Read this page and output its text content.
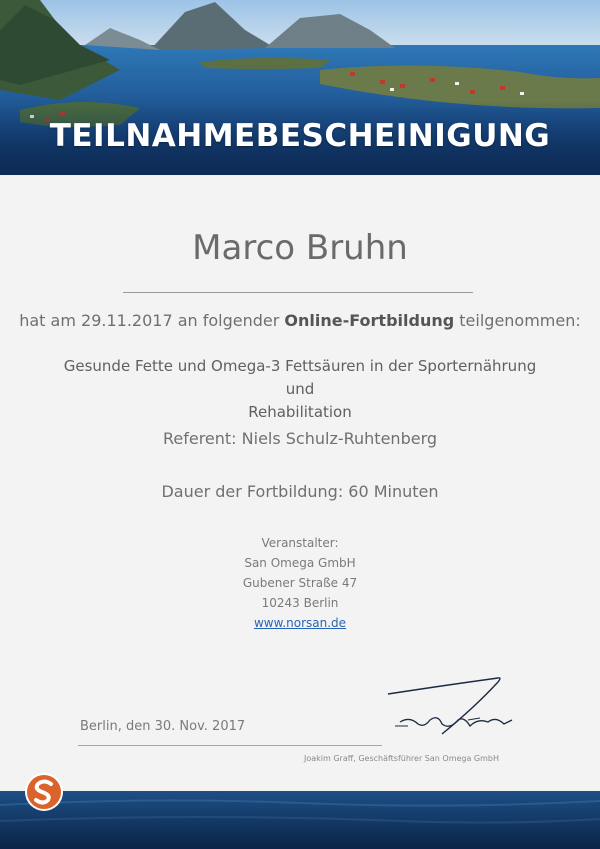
TEILNAHMEBESCHEINIGUNG
Marco Bruhn
hat am 29.11.2017 an folgender Online-Fortbildung teilgenommen:
Gesunde Fette und Omega-3 Fettsäuren in der Sporternährung und
Rehabilitation
Referent: Niels Schulz-Ruhtenberg
Dauer der Fortbildung: 60 Minuten
Veranstalter:
San Omega GmbH
Gubener Straße 47
10243 Berlin
www.norsan.de
Berlin, den 30. Nov. 2017
Joakim Graff, Geschäftsführer San Omega GmbH
